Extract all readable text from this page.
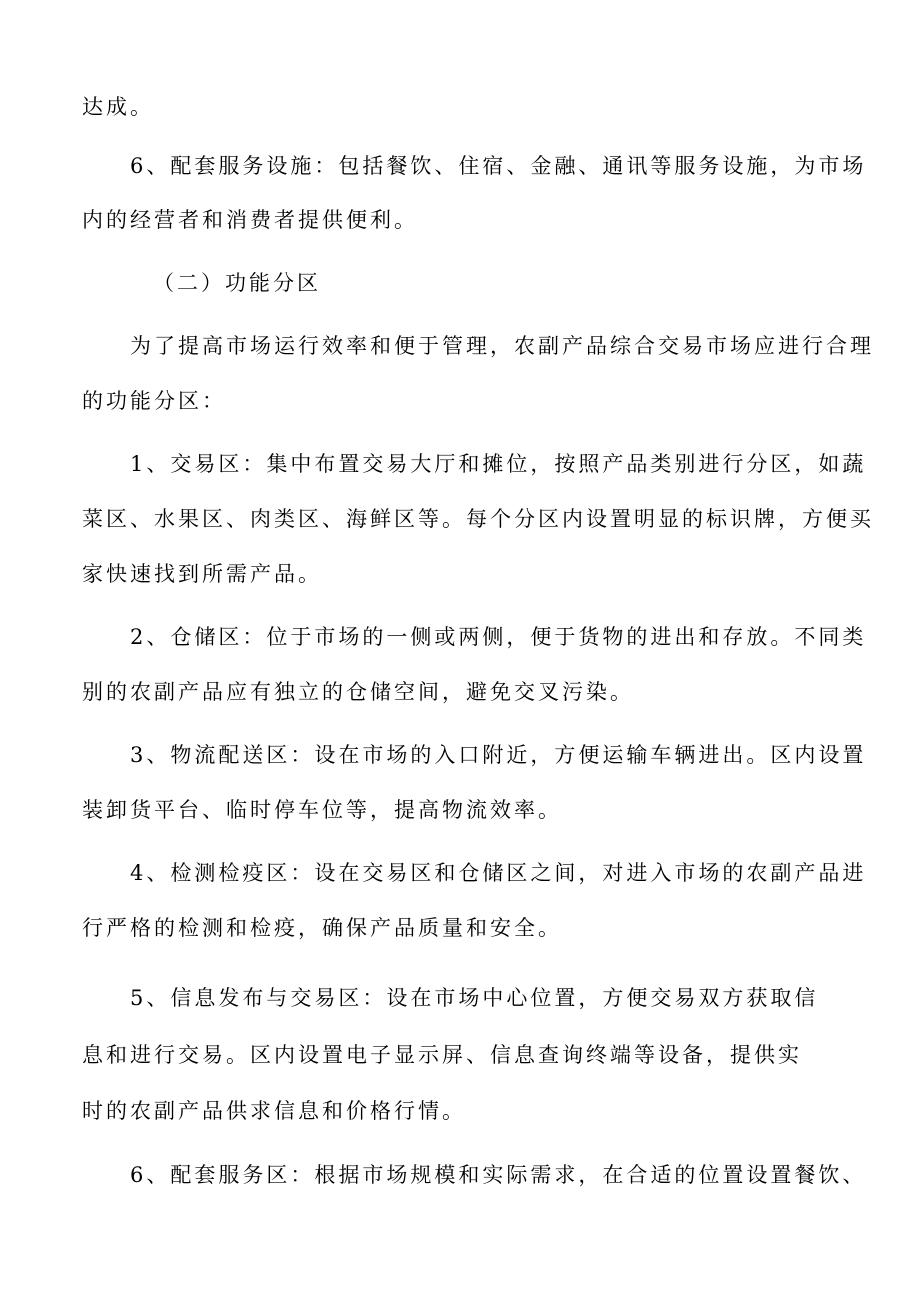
达成。
6、配套服务设施：包括餐饮、住宿、金融、通讯等服务设施，为市场
内的经营者和消费者提供便利。
（二）功能分区
为了提高市场运行效率和便于管理，农副产品综合交易市场应进行合理
的功能分区：
1、交易区：集中布置交易大厅和摊位，按照产品类别进行分区，如蔬
菜区、水果区、肉类区、海鲜区等。每个分区内设置明显的标识牌，方便买
家快速找到所需产品。
2、仓储区：位于市场的一侧或两侧，便于货物的进出和存放。不同类
别的农副产品应有独立的仓储空间，避免交叉污染。
3、物流配送区：设在市场的入口附近，方便运输车辆进出。区内设置
装卸货平台、临时停车位等，提高物流效率。
4、检测检疫区：设在交易区和仓储区之间，对进入市场的农副产品进
行严格的检测和检疫，确保产品质量和安全。
5、信息发布与交易区：设在市场中心位置，方便交易双方获取信
息和进行交易。区内设置电子显示屏、信息查询终端等设备，提供实
时的农副产品供求信息和价格行情。
6、配套服务区：根据市场规模和实际需求，在合适的位置设置餐饮、
